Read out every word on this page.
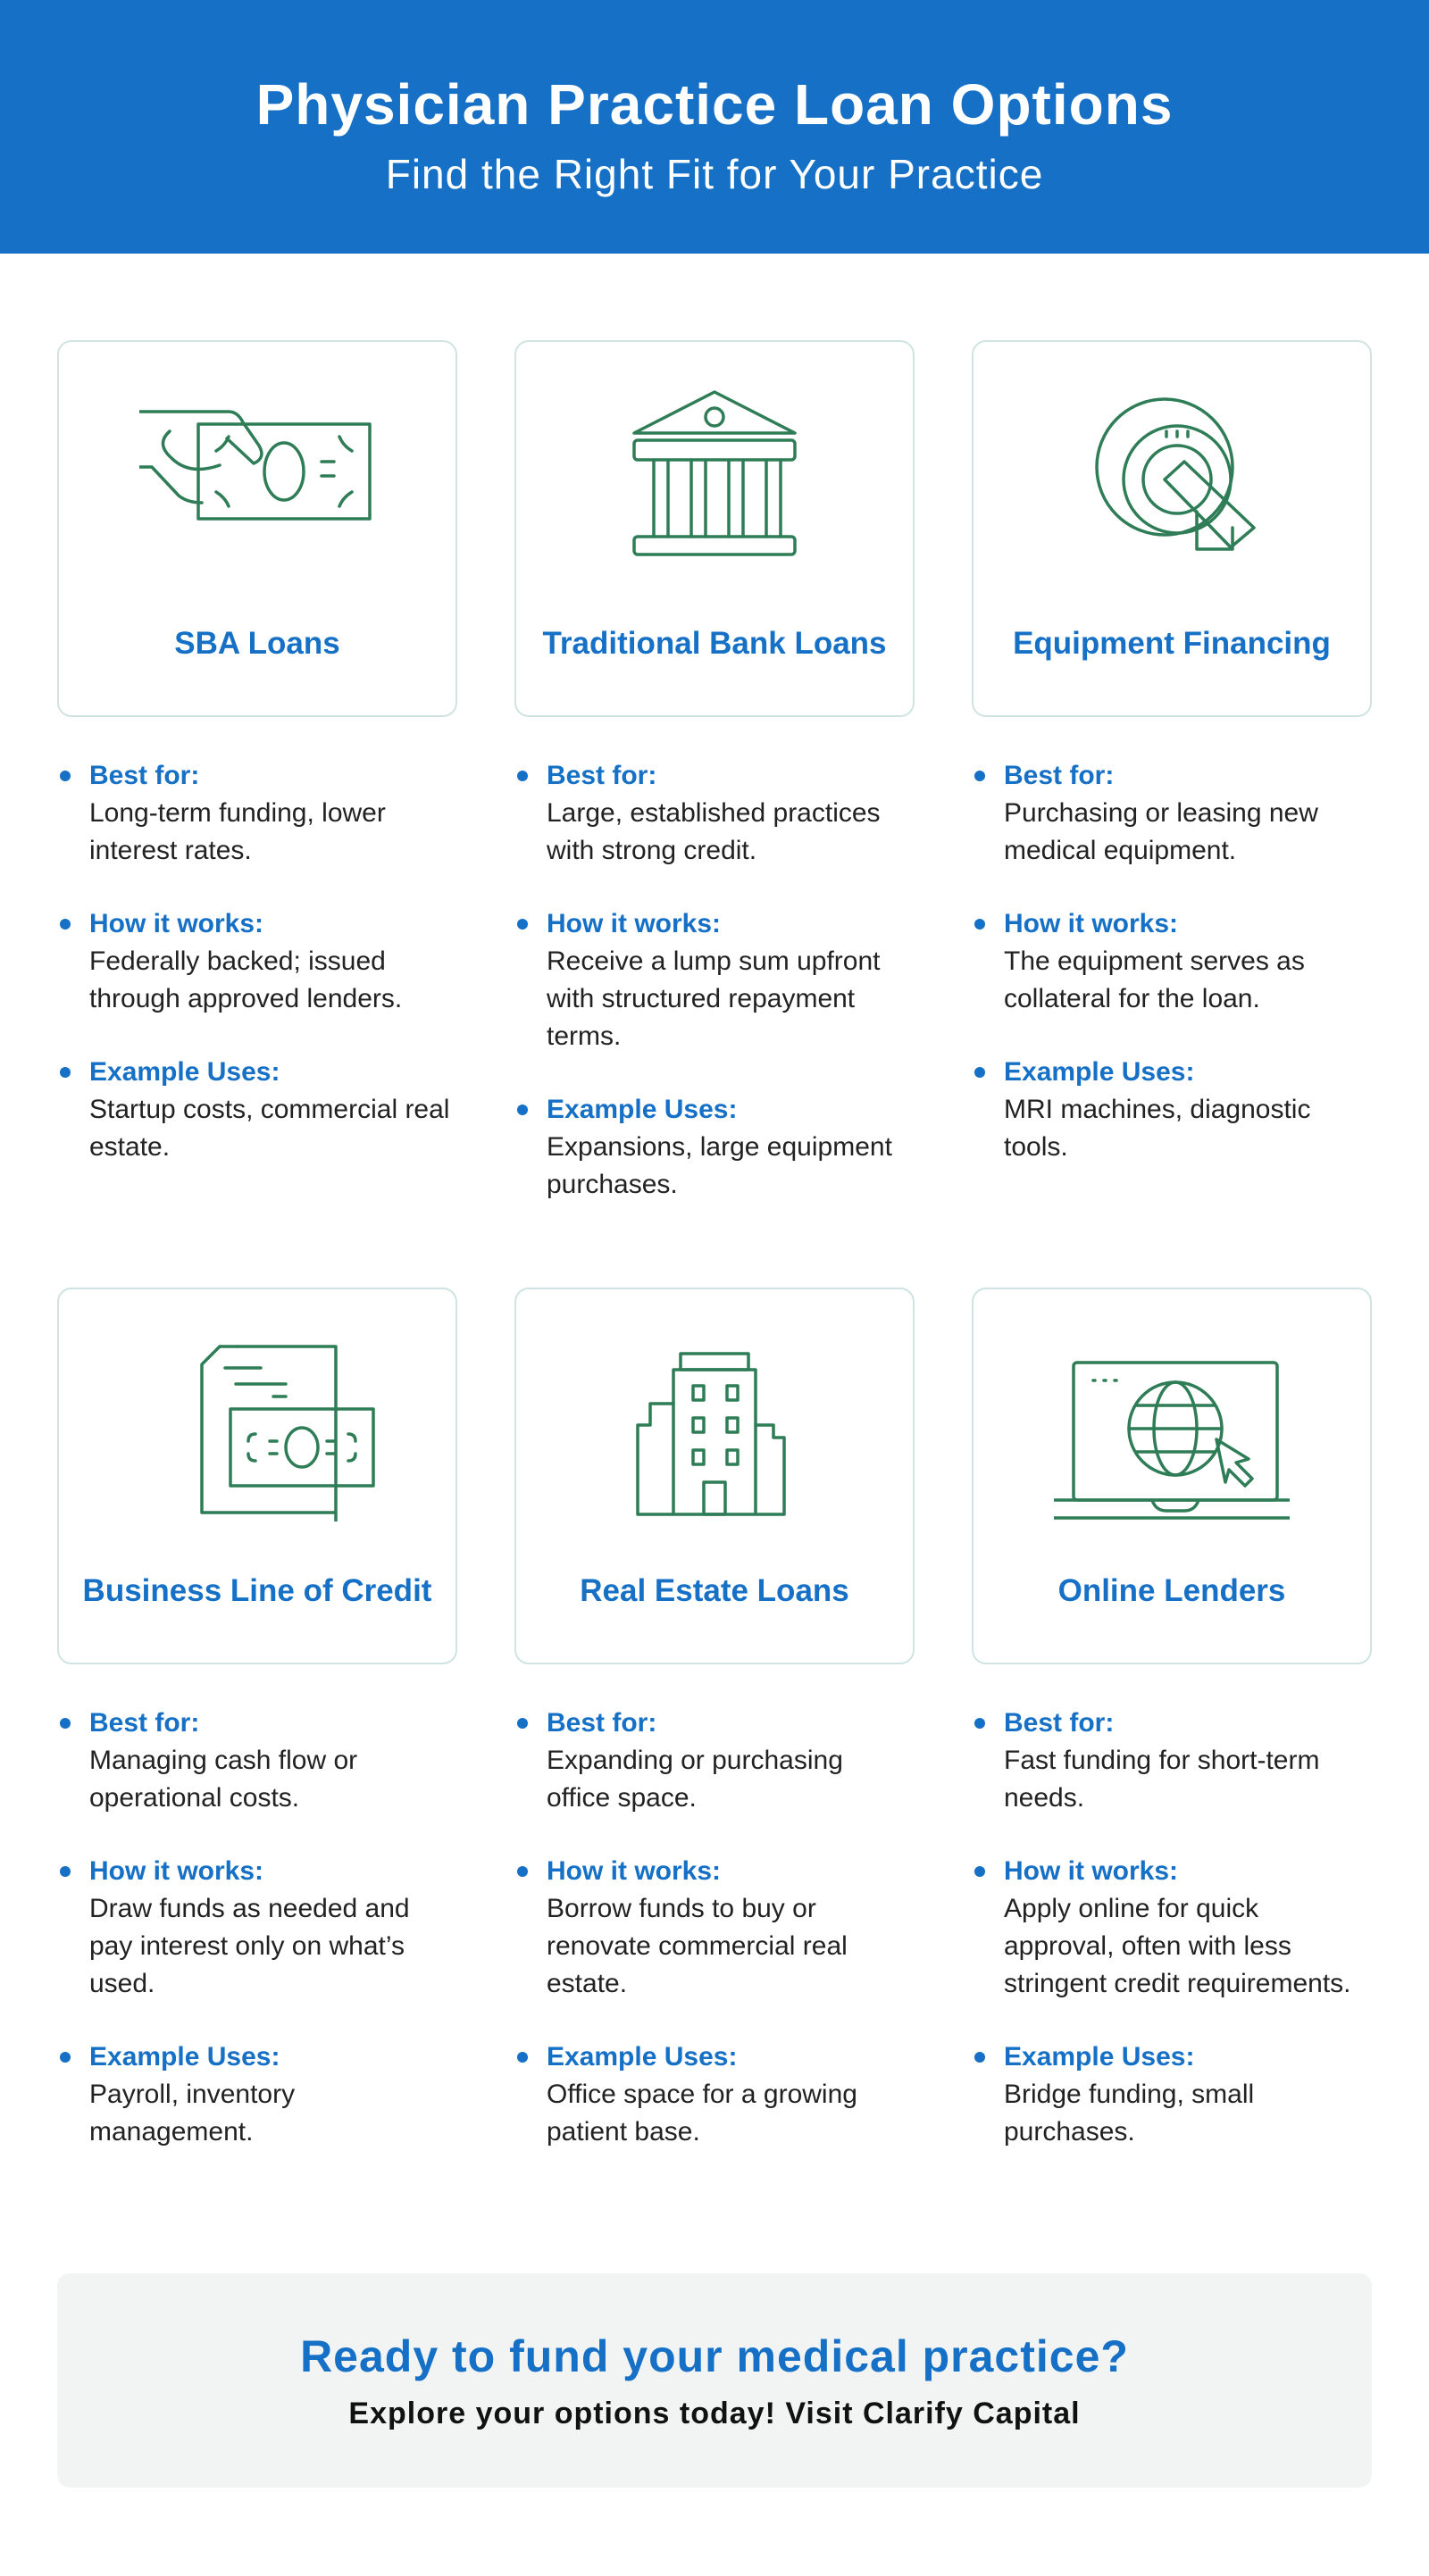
Physician Practice Loan Options
Find the Right Fit for Your Practice
SBA Loans	Traditional Bank Loans	Equipment Financing
Business Line of Credit	Real Estate Loans	Online Lenders
Best for:
Long-term funding, lower interest rates.
How it works:
Federally backed; issued through approved lenders.
Example Uses:
Startup costs, commercial real estate.
Best for:
Large, established practices with strong credit.
How it works:
Receive a lump sum upfront with structured repayment terms.
Example Uses:
Expansions, large equipment purchases.
Best for:
Purchasing or leasing new medical equipment.
How it works:
The equipment serves as collateral for the loan.
Example Uses:
MRI machines, diagnostic tools.
Best for:
Managing cash flow or operational costs.
How it works:
Draw funds as needed and pay interest only on what’s used.
Example Uses:
Payroll, inventory management.
Best for:
Expanding or purchasing office space.
How it works:
Borrow funds to buy or renovate commercial real estate.
Example Uses:
Office space for a growing patient base.
Best for:
Fast funding for short-term needs.
How it works:
Apply online for quick approval, often with less stringent credit requirements.
Example Uses:
Bridge funding, small purchases.
Ready to fund your medical practice?
Explore your options today! Visit Clarify Capital
